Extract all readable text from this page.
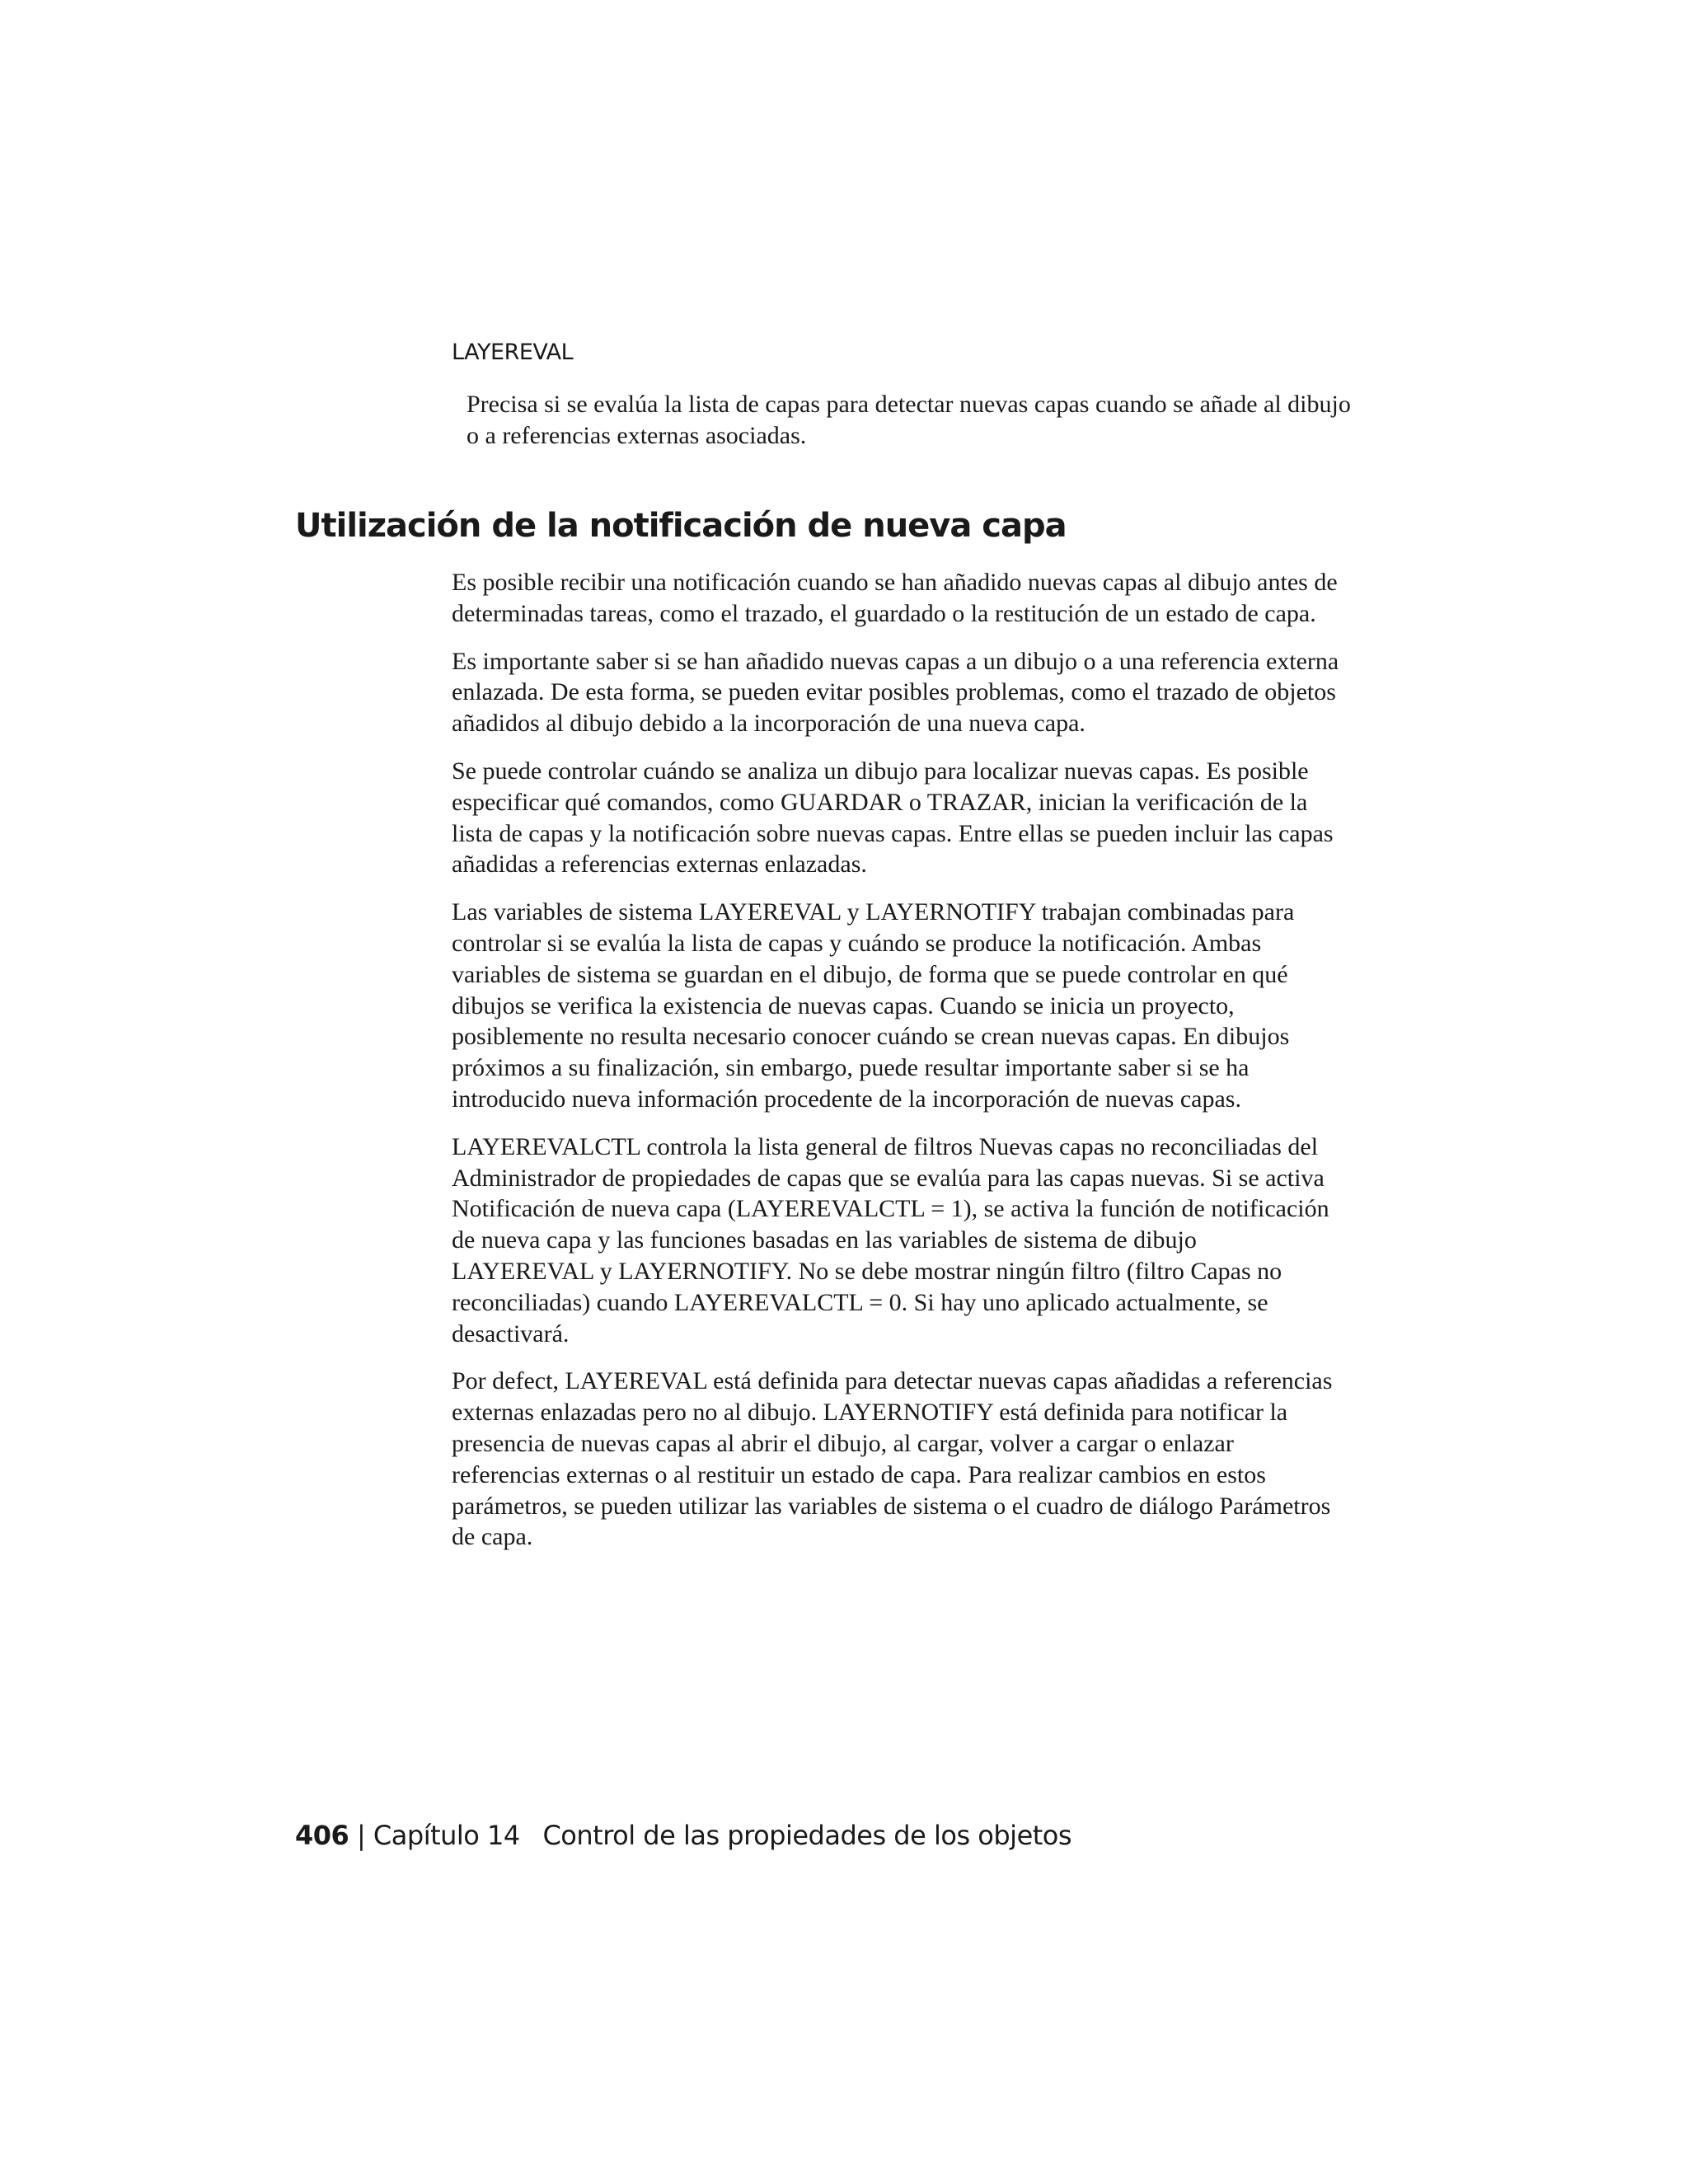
LAYEREVAL

Precisa si se evalúa la lista de capas para detectar nuevas capas cuando se añade al dibujo o a referencias externas asociadas.

Utilización de la notificación de nueva capa

Es posible recibir una notificación cuando se han añadido nuevas capas al dibujo antes de determinadas tareas, como el trazado, el guardado o la restitución de un estado de capa.

Es importante saber si se han añadido nuevas capas a un dibujo o a una referencia externa enlazada. De esta forma, se pueden evitar posibles problemas, como el trazado de objetos añadidos al dibujo debido a la incorporación de una nueva capa.

Se puede controlar cuándo se analiza un dibujo para localizar nuevas capas. Es posible especificar qué comandos, como GUARDAR o TRAZAR, inician la verificación de la lista de capas y la notificación sobre nuevas capas. Entre ellas se pueden incluir las capas añadidas a referencias externas enlazadas.

Las variables de sistema LAYEREVAL y LAYERNOTIFY trabajan combinadas para controlar si se evalúa la lista de capas y cuándo se produce la notificación. Ambas variables de sistema se guardan en el dibujo, de forma que se puede controlar en qué dibujos se verifica la existencia de nuevas capas. Cuando se inicia un proyecto, posiblemente no resulta necesario conocer cuándo se crean nuevas capas. En dibujos próximos a su finalización, sin embargo, puede resultar importante saber si se ha introducido nueva información procedente de la incorporación de nuevas capas.

LAYEREVALCTL controla la lista general de filtros Nuevas capas no reconciliadas del Administrador de propiedades de capas que se evalúa para las capas nuevas. Si se activa Notificación de nueva capa (LAYEREVALCTL = 1), se activa la función de notificación de nueva capa y las funciones basadas en las variables de sistema de dibujo LAYEREVAL y LAYERNOTIFY. No se debe mostrar ningún filtro (filtro Capas no reconciliadas) cuando LAYEREVALCTL = 0. Si hay uno aplicado actualmente, se desactivará.

Por defect, LAYEREVAL está definida para detectar nuevas capas añadidas a referencias externas enlazadas pero no al dibujo. LAYERNOTIFY está definida para notificar la presencia de nuevas capas al abrir el dibujo, al cargar, volver a cargar o enlazar referencias externas o al restituir un estado de capa. Para realizar cambios en estos parámetros, se pueden utilizar las variables de sistema o el cuadro de diálogo Parámetros de capa.

406 | Capítulo 14 Control de las propiedades de los objetos
